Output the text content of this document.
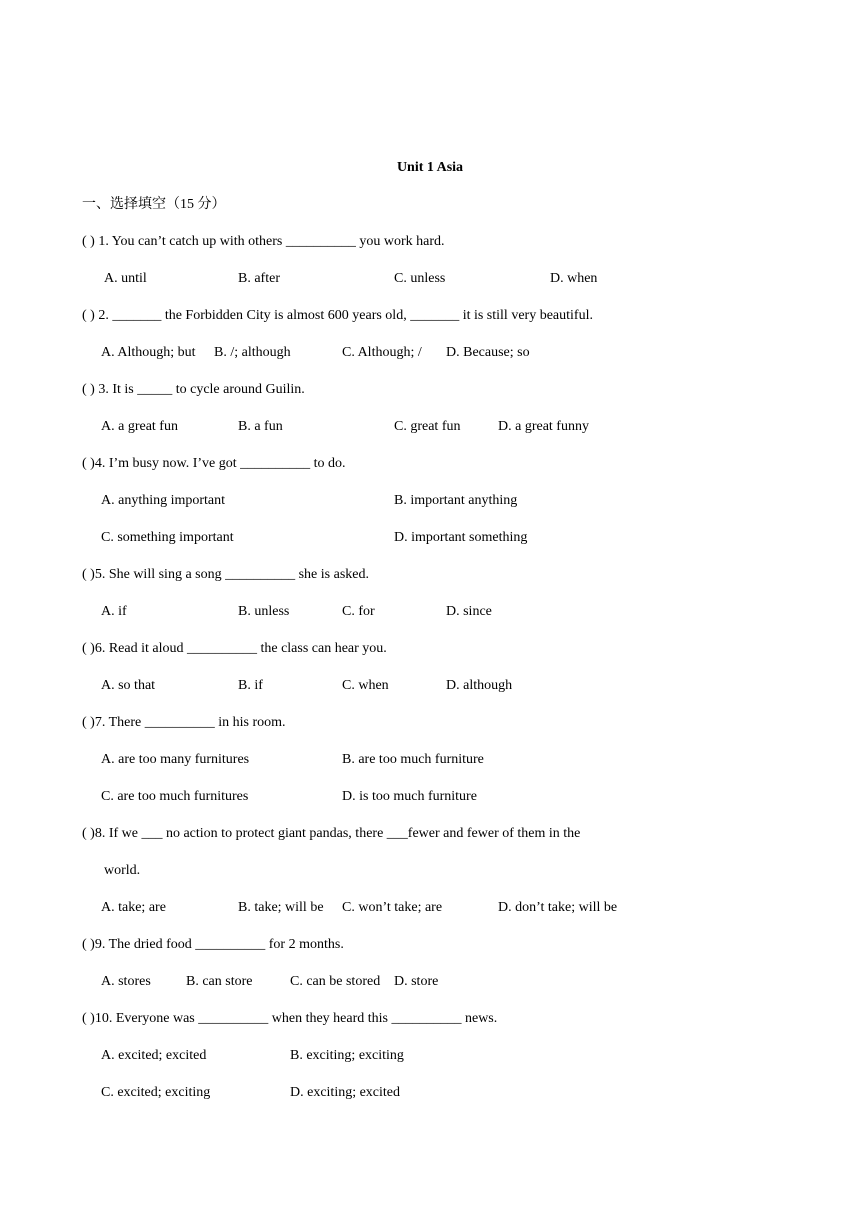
Unit 1 Asia
一、选择填空（15 分）
( ) 1. You can’t catch up with others __________ you work hard.
A. until	B. after	C. unless	D. when
( ) 2. _______ the Forbidden City is almost 600 years old, _______ it is still very beautiful.
A. Although; but B. /; although	C. Although; / D. Because; so
( ) 3. It is _____ to cycle around Guilin.
A. a great fun	B. a fun	C. great fun	D. a great funny
( )4. I’m busy now. I’ve got __________ to do.
A. anything important	B. important anything
C. something important	D. important something
( )5. She will sing a song __________ she is asked.
A. if	B. unless	C. for	D. since
( )6. Read it aloud __________ the class can hear you.
A. so that	B. if	C. when	D. although
( )7. There __________ in his room.
A. are too many furnitures	B. are too much furniture
C. are too much furnitures	D. is too much furniture
( )8. If we ___ no action to protect giant pandas, there ___fewer and fewer of them in the
world.
A. take; are	B. take; will be C. won’t take; are	D. don’t take; will be
( )9. The dried food __________ for 2 months.
A. stores	B. can store	C. can be stored D. store
( )10. Everyone was __________ when they heard this __________ news.
A. excited; excited	B. exciting; exciting
C. excited; exciting	D. exciting; excited
